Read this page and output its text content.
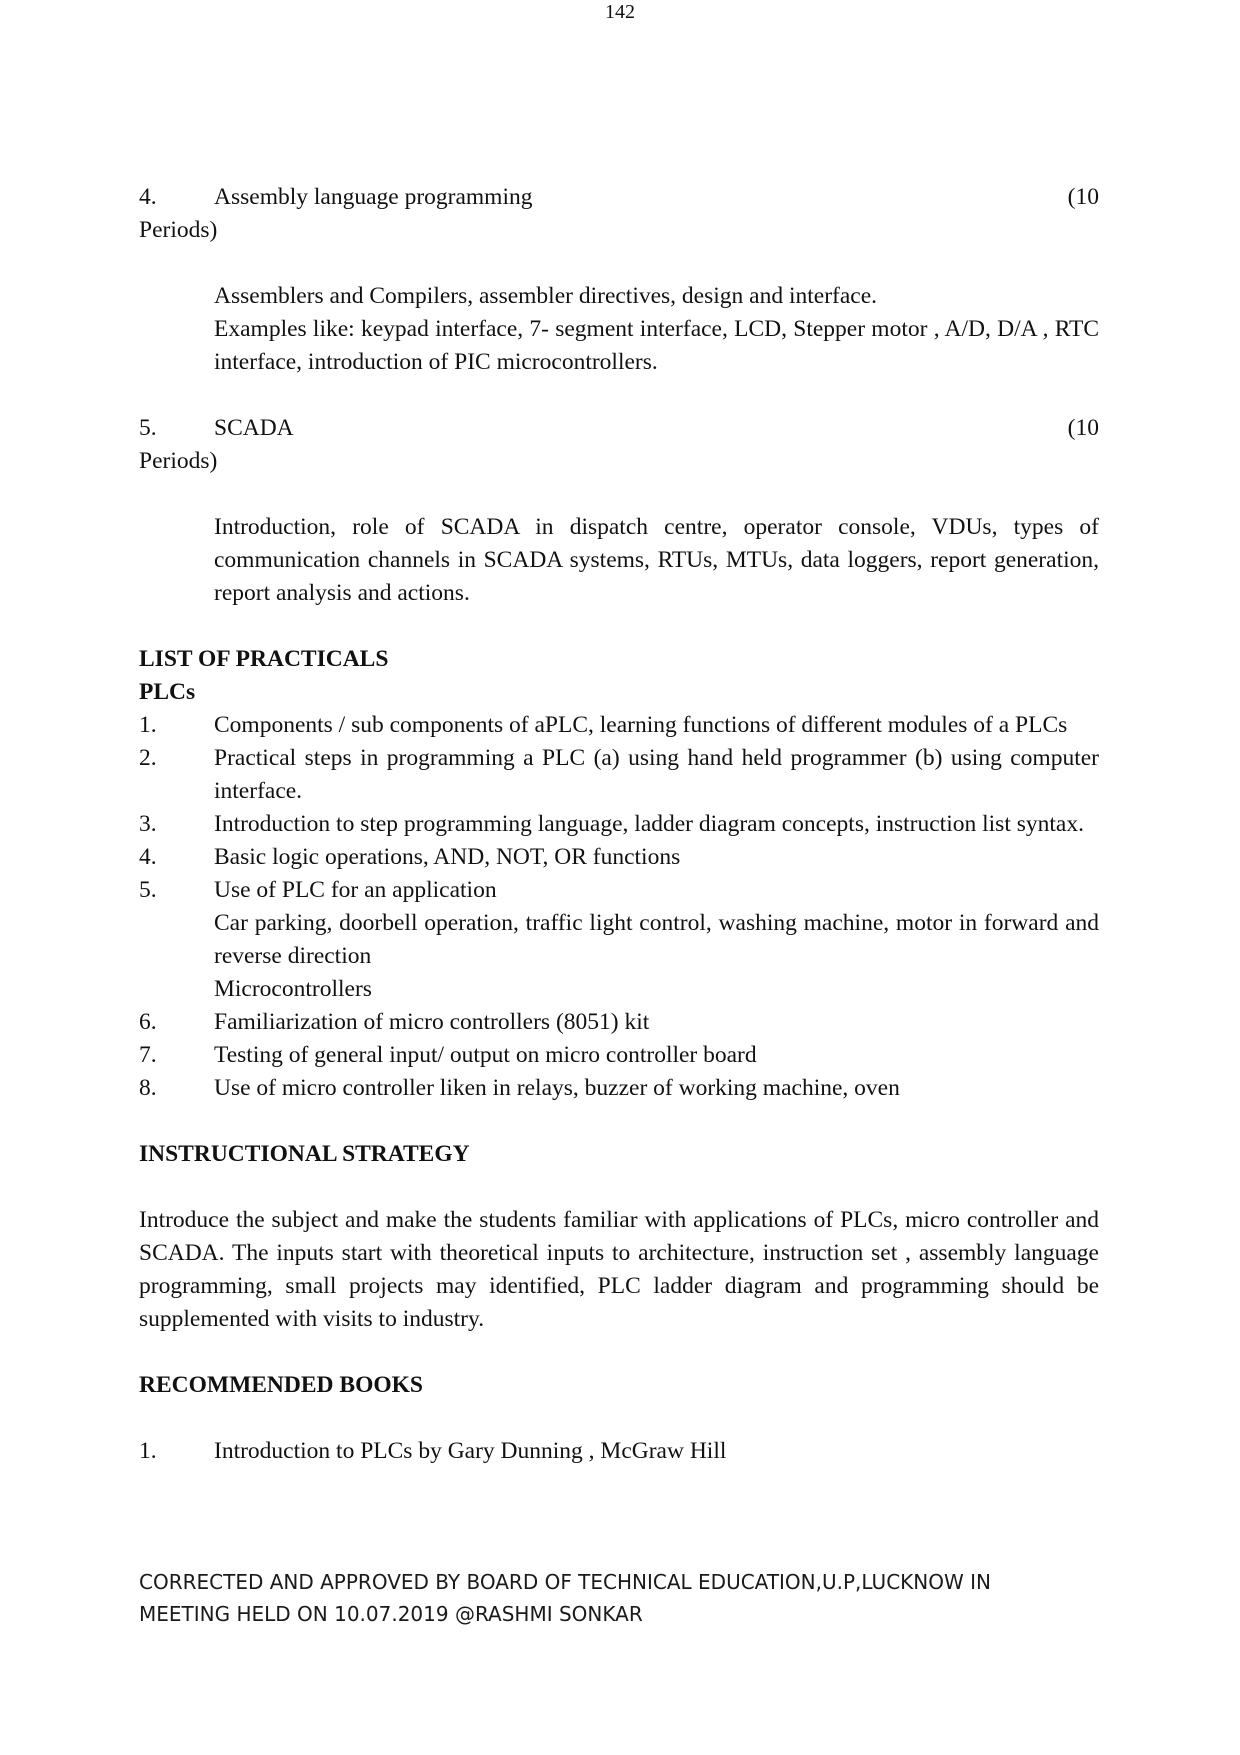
142
4. Assembly language programming	(10
Periods)
Assemblers and Compilers, assembler directives, design and interface.
Examples like: keypad interface, 7- segment interface, LCD, Stepper motor , A/D, D/A , RTC interface, introduction of PIC microcontrollers.
5. SCADA	(10
Periods)
Introduction, role of SCADA in dispatch centre, operator console, VDUs, types of communication channels in SCADA systems, RTUs, MTUs, data loggers, report generation, report analysis and actions.
LIST OF PRACTICALS
PLCs
1.	Components / sub components of aPLC, learning functions of different modules of a PLCs
2.	Practical steps in programming a PLC (a) using hand held programmer (b) using computer interface.
3.	Introduction to step programming language, ladder diagram concepts, instruction list syntax.
4.	Basic logic operations, AND, NOT, OR functions
5.	Use of PLC for an application
Car parking, doorbell operation, traffic light control, washing machine, motor in forward and reverse direction
Microcontrollers
6.	Familiarization of micro controllers (8051) kit
7.	Testing of general input/ output on micro controller board
8.	Use of micro controller liken in relays, buzzer of working machine, oven
INSTRUCTIONAL STRATEGY
Introduce the subject and make the students familiar with applications of PLCs, micro controller and SCADA. The inputs start with theoretical inputs to architecture, instruction set , assembly language programming, small projects may identified, PLC ladder diagram and programming should be supplemented with visits to industry.
RECOMMENDED BOOKS
1.	Introduction to PLCs by Gary Dunning , McGraw Hill
CORRECTED AND APPROVED BY BOARD OF TECHNICAL EDUCATION,U.P,LUCKNOW IN
MEETING HELD ON 10.07.2019 @RASHMI SONKAR
